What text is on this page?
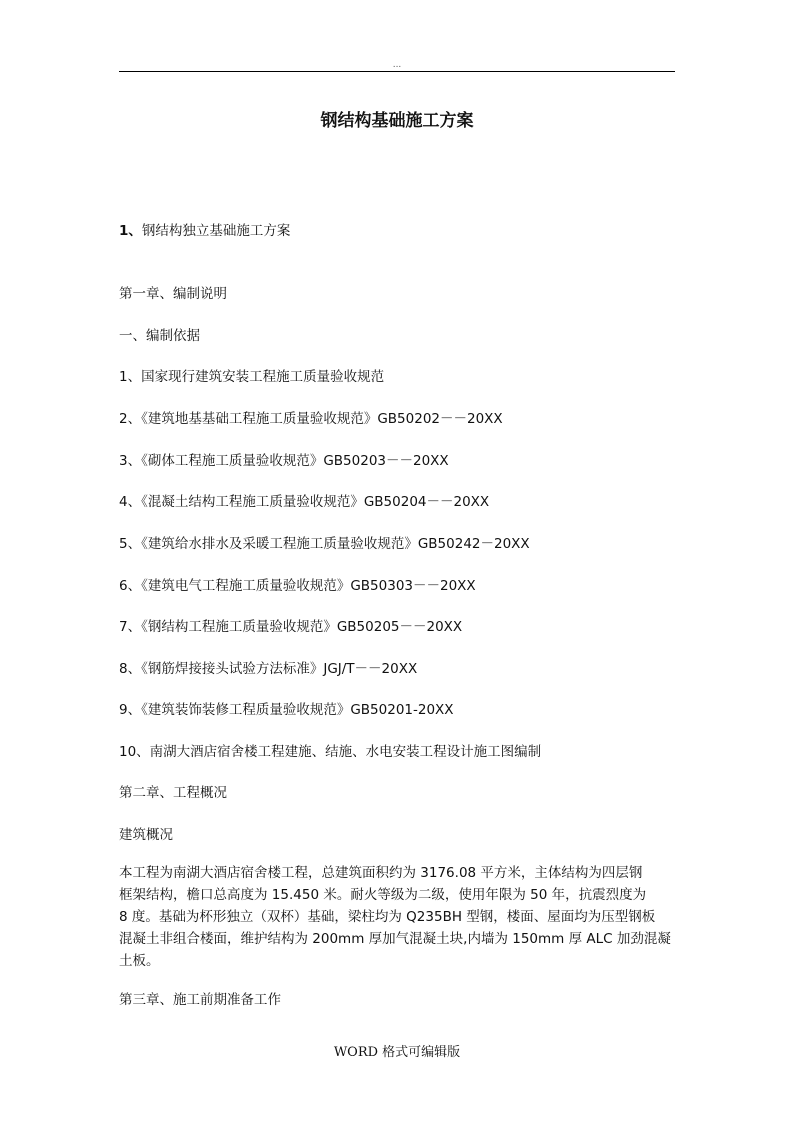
...
钢结构基础施工方案
1、钢结构独立基础施工方案
第一章、编制说明
一、编制依据
1、国家现行建筑安装工程施工质量验收规范
2、《建筑地基基础工程施工质量验收规范》GB50202－－20XX
3、《砌体工程施工质量验收规范》GB50203－－20XX
4、《混凝土结构工程施工质量验收规范》GB50204－－20XX
5、《建筑给水排水及采暖工程施工质量验收规范》GB50242－20XX
6、《建筑电气工程施工质量验收规范》GB50303－－20XX
7、《钢结构工程施工质量验收规范》GB50205－－20XX
8、《钢筋焊接接头试验方法标准》JGJ/T－－20XX
9、《建筑装饰装修工程质量验收规范》GB50201-20XX
10、南湖大酒店宿舍楼工程建施、结施、水电安装工程设计施工图编制
第二章、工程概况
建筑概况
本工程为南湖大酒店宿舍楼工程，总建筑面积约为 3176.08 平方米，主体结构为四层钢
框架结构，檐口总高度为 15.450 米。耐火等级为二级，使用年限为 50 年，抗震烈度为
8 度。基础为杯形独立（双杯）基础，梁柱均为 Q235BH 型钢，楼面、屋面均为压型钢板
混凝土非组合楼面，维护结构为 200mm 厚加气混凝土块,内墙为 150mm 厚 ALC 加劲混凝
土板。
第三章、施工前期准备工作
WORD 格式可编辑版
